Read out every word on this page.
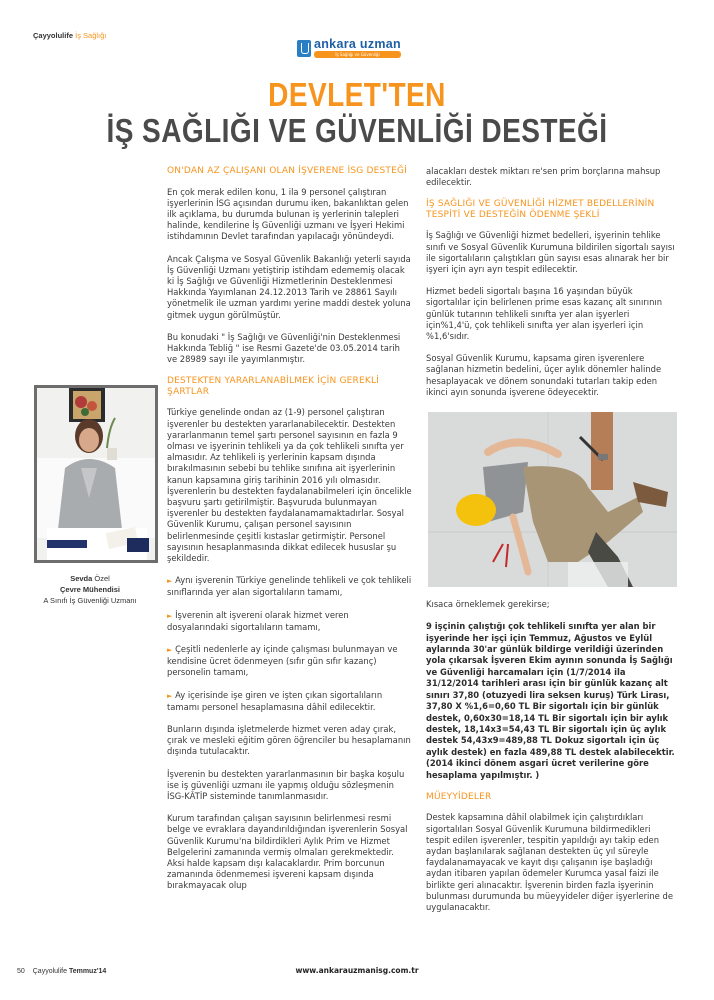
Çayyolulife İş Sağlığı
ankara uzman
İş Sağlığı ve Güvenliği
DEVLET'TEN
İŞ SAĞLIĞI VE GÜVENLİĞİ DESTEĞİ
Sevda Özel
Çevre Mühendisi
A Sınıfı İş Güvenliği Uzmanı
ON'DAN AZ ÇALIŞANI OLAN İŞVERENE İSG DESTEĞİ

En çok merak edilen konu, 1 ila 9 personel çalıştıran işyerlerinin İSG açısından durumu iken, bakanlıktan gelen ilk açıklama, bu durumda bulunan iş yerlerinin talepleri halinde, kendilerine İş Güvenliği uzmanı ve İşyeri Hekimi istihdamının Devlet tarafından yapılacağı yönündeydi.

Ancak Çalışma ve Sosyal Güvenlik Bakanlığı yeterli sayıda İş Güvenliği Uzmanı yetiştirip istihdam edememiş olacak ki İş Sağlığı ve Güvenliği Hizmetlerinin Desteklenmesi Hakkında Yayımlanan 24.12.2013 Tarih ve 28861 Sayılı yönetmelik ile uzman yardımı yerine maddi destek yoluna gitmek uygun görülmüştür.

Bu konudaki " İş Sağlığı ve Güvenliği'nin Desteklenmesi Hakkında Tebliğ " ise Resmi Gazete'de 03.05.2014 tarih ve 28989 sayı ile yayımlanmıştır.

DESTEKTEN YARARLANABİLMEK İÇİN GEREKLİ ŞARTLAR

Türkiye genelinde ondan az (1-9) personel çalıştıran işverenler bu destekten yararlanabilecektir. Destekten yararlanmanın temel şartı personel sayısının en fazla 9 olması ve işyerinin tehlikeli ya da çok tehlikeli sınıfta yer almasıdır. Az tehlikeli iş yerlerinin kapsam dışında bırakılmasının sebebi bu tehlike sınıfına ait işyerlerinin kanun kapsamına giriş tarihinin 2016 yılı olmasıdır. İşverenlerin bu destekten faydalanabilmeleri için öncelikle başvuru şartı getirilmiştir. Başvuruda bulunmayan işverenler bu destekten faydalanamamaktadırlar. Sosyal Güvenlik Kurumu, çalışan personel sayısının belirlenmesinde çeşitli kıstaslar getirmiştir. Personel sayısının hesaplanmasında dikkat edilecek hususlar şu şekildedir.

► Aynı işverenin Türkiye genelinde tehlikeli ve çok tehlikeli sınıflarında yer alan sigortalıların tamamı,
► İşverenin alt işvereni olarak hizmet veren dosyalarındaki sigortalıların tamamı,
► Çeşitli nedenlerle ay içinde çalışması bulunmayan ve kendisine ücret ödenmeyen (sıfır gün sıfır kazanç) personelin tamamı,
► Ay içerisinde işe giren ve işten çıkan sigortalıların tamamı personel hesaplamasına dâhil edilecektir.

Bunların dışında işletmelerde hizmet veren aday çırak, çırak ve mesleki eğitim gören öğrenciler bu hesaplamanın dışında tutulacaktır.

İşverenin bu destekten yararlanmasının bir başka koşulu ise iş güvenliği uzmanı ile yapmış olduğu sözleşmenin İSG-KÂTİP sisteminde tanımlanmasıdır.

Kurum tarafından çalışan sayısının belirlenmesi resmi belge ve evraklara dayandırıldığından işverenlerin Sosyal Güvenlik Kurumu'na bildirdikleri Aylık Prim ve Hizmet Belgelerini zamanında vermiş olmaları gerekmektedir. Aksi halde kapsam dışı kalacaklardır. Prim borcunun zamanında ödenmemesi işvereni kapsam dışında bırakmayacak olup

alacakları destek miktarı re'sen prim borçlarına mahsup edilecektir.

İŞ SAĞLIĞI VE GÜVENLİĞİ HİZMET BEDELLERİNİN TESPİTİ VE DESTEĞİN ÖDENME ŞEKLİ

İş Sağlığı ve Güvenliği hizmet bedelleri, işyerinin tehlike sınıfı ve Sosyal Güvenlik Kurumuna bildirilen sigortalı sayısı ile sigortalıların çalıştıkları gün sayısı esas alınarak her bir işyeri için ayrı ayrı tespit edilecektir.

Hizmet bedeli sigortalı başına 16 yaşından büyük sigortalılar için belirlenen prime esas kazanç alt sınırının günlük tutarının tehlikeli sınıfta yer alan işyerleri için%1,4'ü, çok tehlikeli sınıfta yer alan işyerleri için %1,6'sıdır.

Sosyal Güvenlik Kurumu, kapsama giren işverenlere sağlanan hizmetin bedelini, üçer aylık dönemler halinde hesaplayacak ve dönem sonundaki tutarları takip eden ikinci ayın sonunda işverene ödeyecektir.

Kısaca örneklemek gerekirse;

9 işçinin çalıştığı çok tehlikeli sınıfta yer alan bir işyerinde her işçi için Temmuz, Ağustos ve Eylül aylarında 30'ar günlük bildirge verildiği üzerinden yola çıkarsak İşveren Ekim ayının sonunda İş Sağlığı ve Güvenliği harcamaları için (1/7/2014 ila 31/12/2014 tarihleri arası için bir günlük kazanç alt sınırı 37,80 (otuzyedi lira seksen kuruş) Türk Lirası, 37,80 X %1,6=0,60 TL Bir sigortalı için bir günlük destek, 0,60x30=18,14 TL Bir sigortalı için bir aylık destek, 18,14x3=54,43 TL Bir sigortalı için üç aylık destek 54,43x9=489,88 TL Dokuz sigortalı için üç aylık destek) en fazla 489,88 TL destek alabilecektir. (2014 ikinci dönem asgari ücret verilerine göre hesaplama yapılmıştır. )

MÜEYYİDELER

Destek kapsamına dâhil olabilmek için çalıştırdıkları sigortalıları Sosyal Güvenlik Kurumuna bildirmedikleri tespit edilen işverenler, tespitin yapıldığı ayı takip eden aydan başlanılarak sağlanan destekten üç yıl süreyle faydalanamayacak ve kayıt dışı çalışanın işe başladığı aydan itibaren yapılan ödemeler Kurumca yasal faizi ile birlikte geri alınacaktır. İşverenin birden fazla işyerinin bulunması durumunda bu müeyyideler diğer işyerlerine de uygulanacaktır.

50 Çayyolulife Temmuz'14	www.ankarauzmanisg.com.tr
